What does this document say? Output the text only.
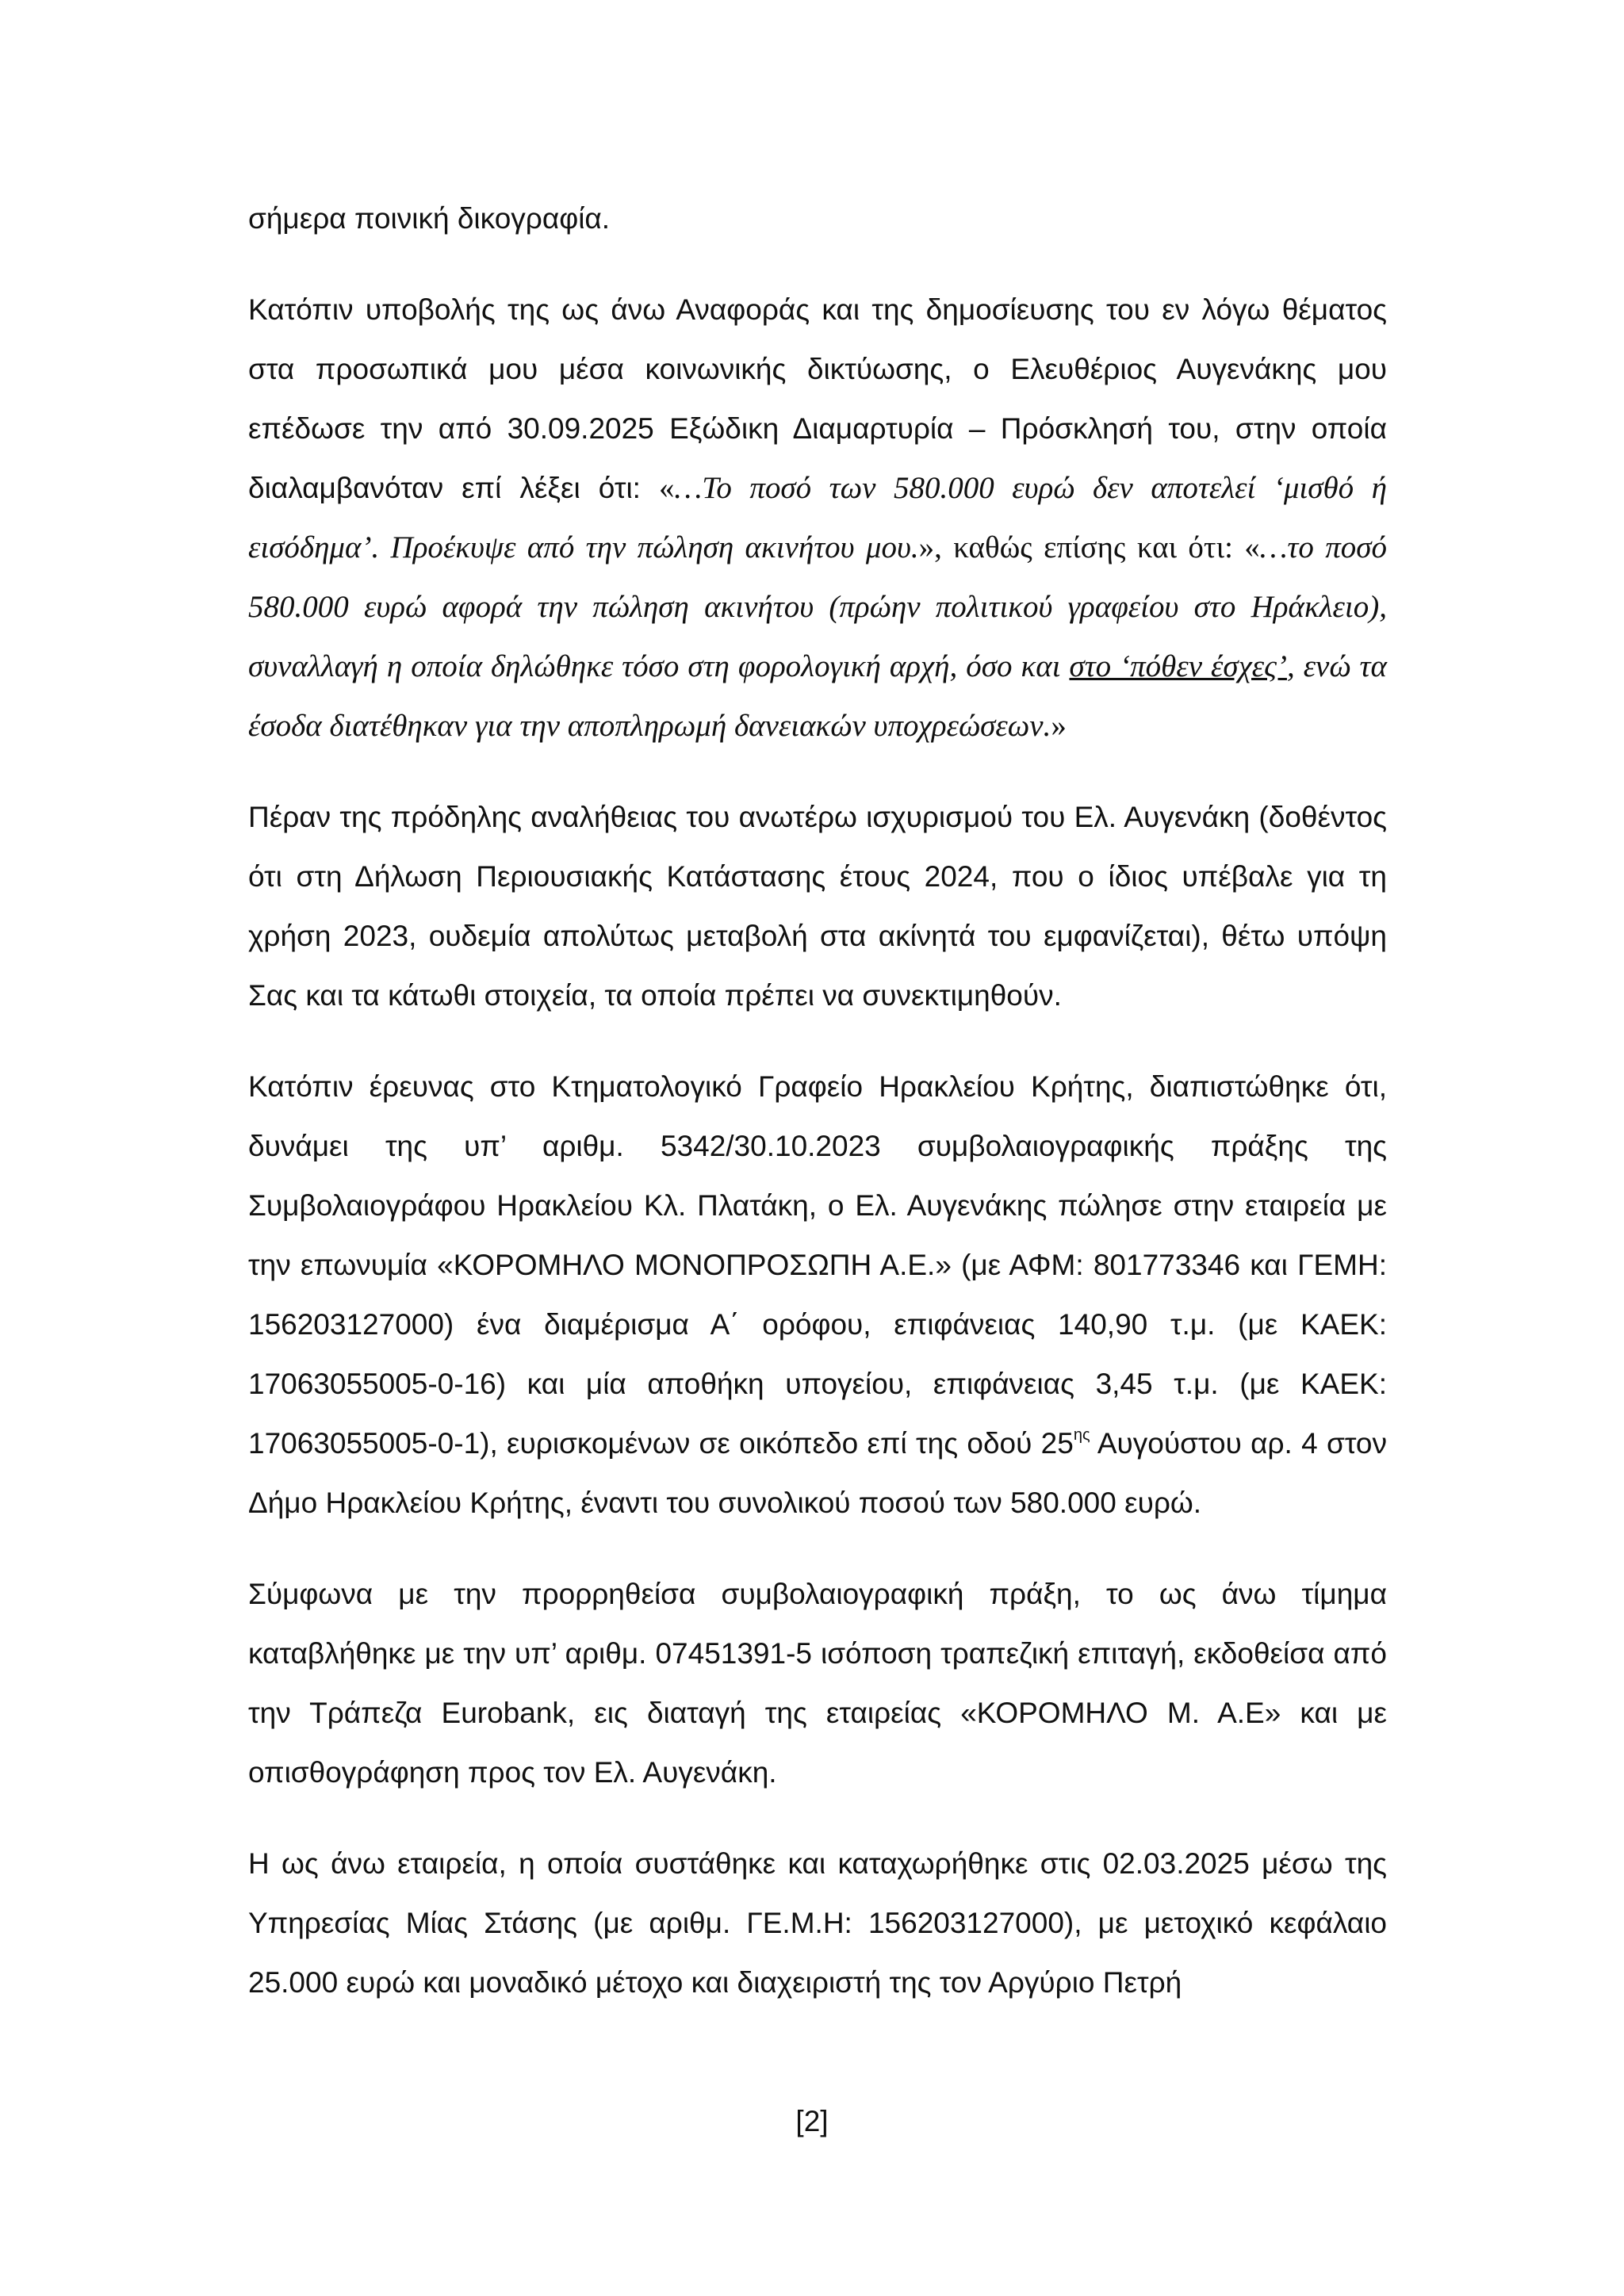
σήμερα ποινική δικογραφία.

Κατόπιν υποβολής της ως άνω Αναφοράς και της δημοσίευσης του εν λόγω θέματος στα προσωπικά μου μέσα κοινωνικής δικτύωσης, ο Ελευθέριος Αυγενάκης μου επέδωσε την από 30.09.2025 Εξώδικη Διαμαρτυρία – Πρόσκλησή του, στην οποία διαλαμβανόταν επί λέξει ότι: «…Το ποσό των 580.000 ευρώ δεν αποτελεί ‘μισθό ή εισόδημα’. Προέκυψε από την πώληση ακινήτου μου.», καθώς επίσης και ότι: «…το ποσό 580.000 ευρώ αφορά την πώληση ακινήτου (πρώην πολιτικού γραφείου στο Ηράκλειο), συναλλαγή η οποία δηλώθηκε τόσο στη φορολογική αρχή, όσο και στο ‘πόθεν έσχες’, ενώ τα έσοδα διατέθηκαν για την αποπληρωμή δανειακών υποχρεώσεων.»

Πέραν της πρόδηλης αναλήθειας του ανωτέρω ισχυρισμού του Ελ. Αυγενάκη (δοθέντος ότι στη Δήλωση Περιουσιακής Κατάστασης έτους 2024, που ο ίδιος υπέβαλε για τη χρήση 2023, ουδεμία απολύτως μεταβολή στα ακίνητά του εμφανίζεται), θέτω υπόψη Σας και τα κάτωθι στοιχεία, τα οποία πρέπει να συνεκτιμηθούν.

Κατόπιν έρευνας στο Κτηματολογικό Γραφείο Ηρακλείου Κρήτης, διαπιστώθηκε ότι, δυνάμει της υπ’ αριθμ. 5342/30.10.2023 συμβολαιογραφικής πράξης της Συμβολαιογράφου Ηρακλείου Κλ. Πλατάκη, ο Ελ. Αυγενάκης πώλησε στην εταιρεία με την επωνυμία «ΚΟΡΟΜΗΛΟ ΜΟΝΟΠΡΟΣΩΠΗ Α.Ε.» (με ΑΦΜ: 801773346 και ΓΕΜΗ: 156203127000) ένα διαμέρισμα Α΄ ορόφου, επιφάνειας 140,90 τ.μ. (με ΚΑΕΚ: 17063055005-0-16) και μία αποθήκη υπογείου, επιφάνειας 3,45 τ.μ. (με ΚΑΕΚ: 17063055005-0-1), ευρισκομένων σε οικόπεδο επί της οδού $25^{\eta\varsigma}$ Αυγούστου αρ. 4 στον Δήμο Ηρακλείου Κρήτης, έναντι του συνολικού ποσού των 580.000 ευρώ.

Σύμφωνα με την προρρηθείσα συμβολαιογραφική πράξη, το ως άνω τίμημα καταβλήθηκε με την υπ’ αριθμ. 07451391-5 ισόποση τραπεζική επιταγή, εκδοθείσα από την Τράπεζα Eurobank, εις διαταγή της εταιρείας «ΚΟΡΟΜΗΛΟ Μ. Α.Ε» και με οπισθογράφηση προς τον Ελ. Αυγενάκη.

Η ως άνω εταιρεία, η οποία συστάθηκε και καταχωρήθηκε στις 02.03.2025 μέσω της Υπηρεσίας Μίας Στάσης (με αριθμ. ΓΕ.Μ.Η: 156203127000), με μετοχικό κεφάλαιο 25.000 ευρώ και μοναδικό μέτοχο και διαχειριστή της τον Αργύριο Πετρή

[2]
